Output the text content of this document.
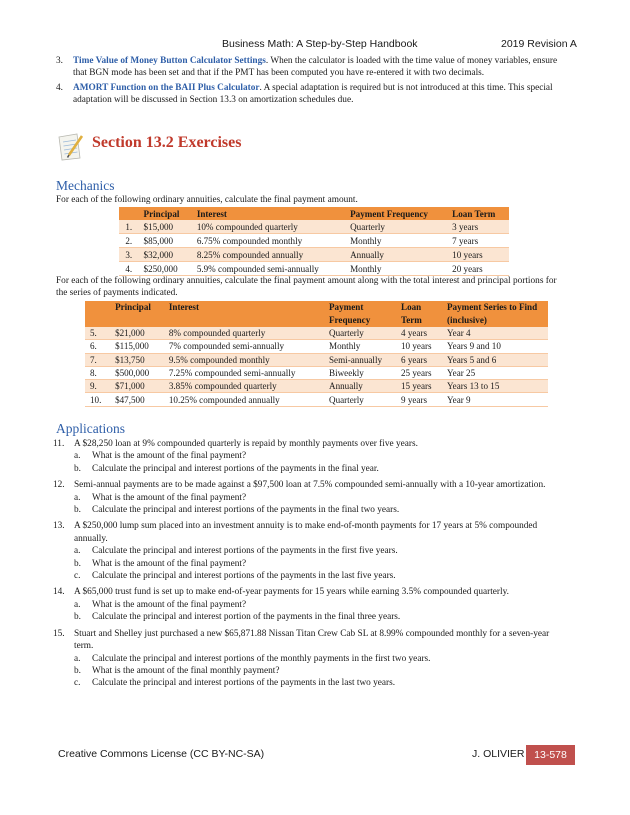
Business Math: A Step-by-Step Handbook	2019 Revision A
3.	Time Value of Money Button Calculator Settings. When the calculator is loaded with the time value of money variables, ensure that BGN mode has been set and that if the PMT has been computed you have re-entered it with two decimals.
4.	AMORT Function on the BAII Plus Calculator. A special adaptation is required but is not introduced at this time. This special adaptation will be discussed in Section 13.3 on amortization schedules due.
Section 13.2 Exercises
Mechanics
For each of the following ordinary annuities, calculate the final payment amount.
	Principal	Interest	Payment Frequency	Loan Term
1.	$15,000	10% compounded quarterly	Quarterly	3 years
2.	$85,000	6.75% compounded monthly	Monthly	7 years
3.	$32,000	8.25% compounded annually	Annually	10 years
4.	$250,000	5.9% compounded semi-annually	Monthly	20 years
For each of the following ordinary annuities, calculate the final payment amount along with the total interest and principal portions for the series of payments indicated.
	Principal	Interest	Payment Frequency	Loan Term	Payment Series to Find (inclusive)
5.	$21,000	8% compounded quarterly	Quarterly	4 years	Year 4
6.	$115,000	7% compounded semi-annually	Monthly	10 years	Years 9 and 10
7.	$13,750	9.5% compounded monthly	Semi-annually	6 years	Years 5 and 6
8.	$500,000	7.25% compounded semi-annually	Biweekly	25 years	Year 25
9.	$71,000	3.85% compounded quarterly	Annually	15 years	Years 13 to 15
10.	$47,500	10.25% compounded annually	Quarterly	9 years	Year 9
Applications
11.	A $28,250 loan at 9% compounded quarterly is repaid by monthly payments over five years.
a.	What is the amount of the final payment?
b.	Calculate the principal and interest portions of the payments in the final year.
12.	Semi-annual payments are to be made against a $97,500 loan at 7.5% compounded semi-annually with a 10-year amortization.
a.	What is the amount of the final payment?
b.	Calculate the principal and interest portions of the payments in the final two years.
13.	A $250,000 lump sum placed into an investment annuity is to make end-of-month payments for 17 years at 5% compounded annually.
a.	Calculate the principal and interest portions of the payments in the first five years.
b.	What is the amount of the final payment?
c.	Calculate the principal and interest portions of the payments in the last five years.
14.	A $65,000 trust fund is set up to make end-of-year payments for 15 years while earning 3.5% compounded quarterly.
a.	What is the amount of the final payment?
b.	Calculate the principal and interest portion of the payments in the final three years.
15.	Stuart and Shelley just purchased a new $65,871.88 Nissan Titan Crew Cab SL at 8.99% compounded monthly for a seven-year term.
a.	Calculate the principal and interest portions of the monthly payments in the first two years.
b.	What is the amount of the final monthly payment?
c.	Calculate the principal and interest portions of the payments in the last two years.
Creative Commons License (CC BY-NC-SA)	J. OLIVIER 13-578
